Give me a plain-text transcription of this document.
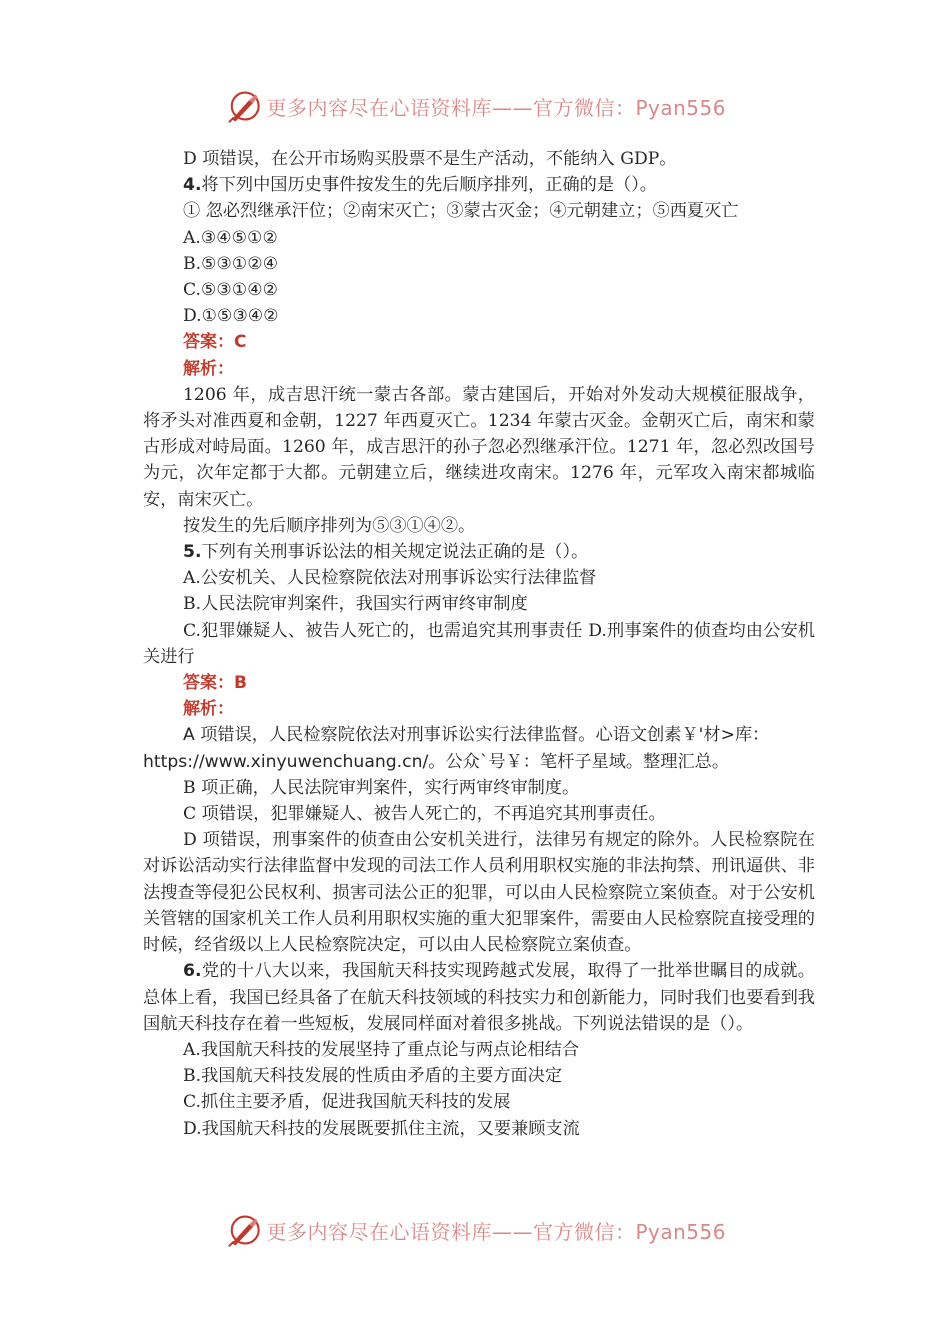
更多内容尽在心语资料库——官方微信：Pyan556

D 项错误，在公开市场购买股票不是生产活动，不能纳入 GDP。

4.将下列中国历史事件按发生的先后顺序排列，正确的是（）。

① 忽必烈继承汗位；②南宋灭亡；③蒙古灭金；④元朝建立；⑤西夏灭亡

A.③④⑤①②

B.⑤③①②④

C.⑤③①④②

D.①⑤③④②

答案：C

解析：

1206 年，成吉思汗统一蒙古各部。蒙古建国后，开始对外发动大规模征服战争，将矛头对准西夏和金朝，1227 年西夏灭亡。1234 年蒙古灭金。金朝灭亡后，南宋和蒙古形成对峙局面。1260 年，成吉思汗的孙子忽必烈继承汗位。1271 年，忽必烈改国号为元，次年定都于大都。元朝建立后，继续进攻南宋。1276 年，元军攻入南宋都城临安，南宋灭亡。

按发生的先后顺序排列为⑤③①④②。

5.下列有关刑事诉讼法的相关规定说法正确的是（）。

A.公安机关、人民检察院依法对刑事诉讼实行法律监督

B.人民法院审判案件，我国实行两审终审制度

C.犯罪嫌疑人、被告人死亡的，也需追究其刑事责任 D.刑事案件的侦查均由公安机关进行

答案：B

解析：

A 项错误，人民检察院依法对刑事诉讼实行法律监督。心语文创素￥'材>库：https://www.xinyuwenchuang.cn/。公众`号￥：笔杆子星域。整理汇总。

B 项正确，人民法院审判案件，实行两审终审制度。

C 项错误，犯罪嫌疑人、被告人死亡的，不再追究其刑事责任。

D 项错误，刑事案件的侦查由公安机关进行，法律另有规定的除外。人民检察院在对诉讼活动实行法律监督中发现的司法工作人员利用职权实施的非法拘禁、刑讯逼供、非法搜查等侵犯公民权利、损害司法公正的犯罪，可以由人民检察院立案侦查。对于公安机关管辖的国家机关工作人员利用职权实施的重大犯罪案件，需要由人民检察院直接受理的时候，经省级以上人民检察院决定，可以由人民检察院立案侦查。

6.党的十八大以来，我国航天科技实现跨越式发展，取得了一批举世瞩目的成就。总体上看，我国已经具备了在航天科技领域的科技实力和创新能力，同时我们也要看到我国航天科技存在着一些短板，发展同样面对着很多挑战。下列说法错误的是（）。

A.我国航天科技的发展坚持了重点论与两点论相结合

B.我国航天科技发展的性质由矛盾的主要方面决定

C.抓住主要矛盾，促进我国航天科技的发展

D.我国航天科技的发展既要抓住主流，又要兼顾支流

更多内容尽在心语资料库——官方微信：Pyan556
